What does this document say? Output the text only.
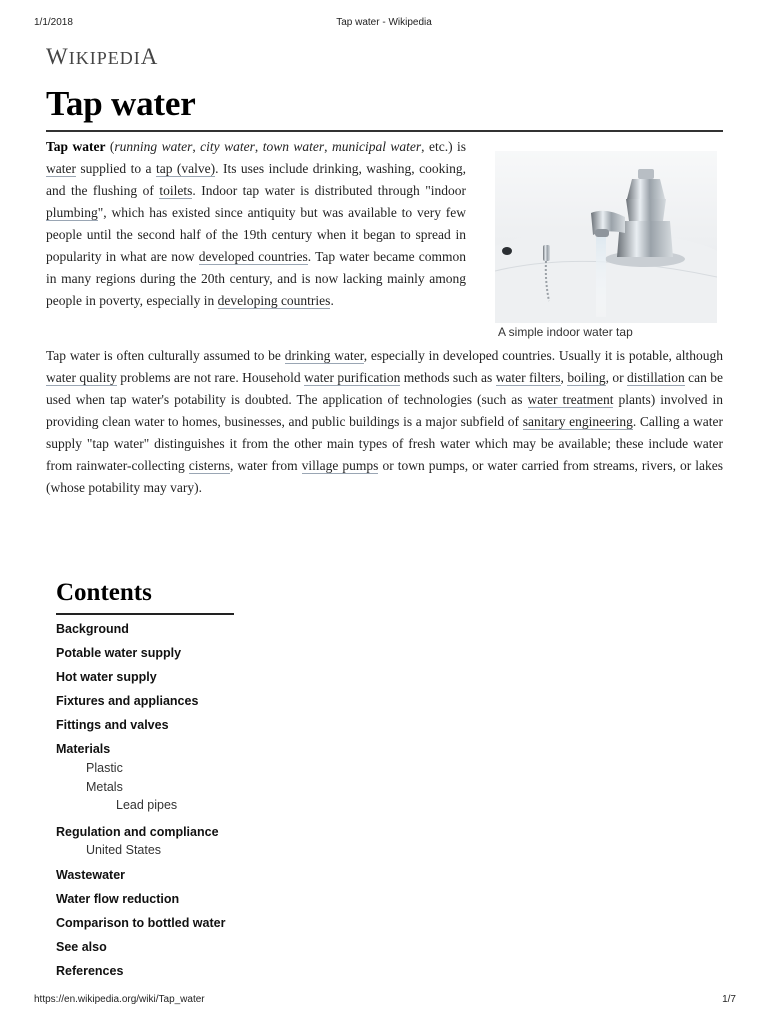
1/1/2018	Tap water - Wikipedia
WIKIPEDIA
Tap water
Tap water (running water, city water, town water, municipal water, etc.) is water supplied to a tap (valve). Its uses include drinking, washing, cooking, and the flushing of toilets. Indoor tap water is distributed through "indoor plumbing", which has existed since antiquity but was available to very few people until the second half of the 19th century when it began to spread in popularity in what are now developed countries. Tap water became common in many regions during the 20th century, and is now lacking mainly among people in poverty, especially in developing countries.
A simple indoor water tap
Tap water is often culturally assumed to be drinking water, especially in developed countries. Usually it is potable, although water quality problems are not rare. Household water purification methods such as water filters, boiling, or distillation can be used when tap water's potability is doubted. The application of technologies (such as water treatment plants) involved in providing clean water to homes, businesses, and public buildings is a major subfield of sanitary engineering. Calling a water supply "tap water" distinguishes it from the other main types of fresh water which may be available; these include water from rainwater-collecting cisterns, water from village pumps or town pumps, or water carried from streams, rivers, or lakes (whose potability may vary).
Contents
Background
Potable water supply
Hot water supply
Fixtures and appliances
Fittings and valves
Materials
Plastic
Metals
Lead pipes
Regulation and compliance
United States
Wastewater
Water flow reduction
Comparison to bottled water
See also
References
https://en.wikipedia.org/wiki/Tap_water	1/7
